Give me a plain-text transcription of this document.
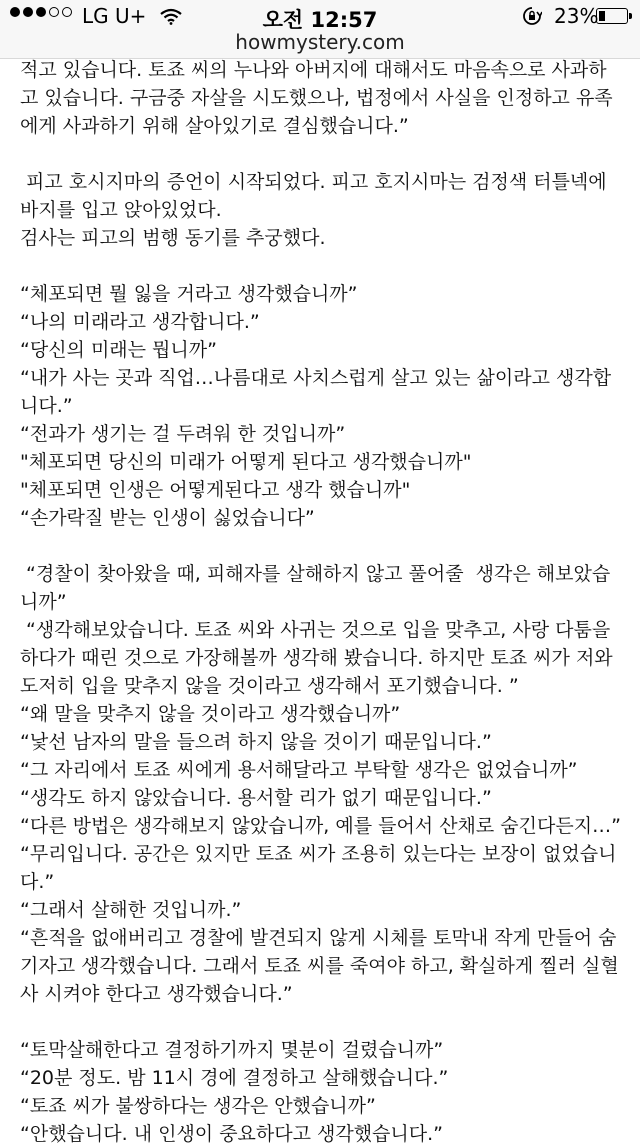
LG U+	오전 12:57	23%
howmystery.com

적고 있습니다. 토죠 씨의 누나와 아버지에 대해서도 마음속으로 사과하

고 있습니다. 구금중 자살을 시도했으나, 법정에서 사실을 인정하고 유족

에게 사과하기 위해 살아있기로 결심했습니다.”

피고 호시지마의 증언이 시작되었다. 피고 호지시마는 검정색 터틀넥에

바지를 입고 앉아있었다.

검사는 피고의 범행 동기를 추궁했다.

“체포되면 뭘 잃을 거라고 생각했습니까”

“나의 미래라고 생각합니다.”

“당신의 미래는 뭡니까”

“내가 사는 곳과 직업…나름대로 사치스럽게 살고 있는 삶이라고 생각합

니다.”

“전과가 생기는 걸 두려워 한 것입니까”

"체포되면 당신의 미래가 어떻게 된다고 생각했습니까"

"체포되면 인생은 어떻게된다고 생각 했습니까"

“손가락질 받는 인생이 싫었습니다”

“경찰이 찾아왔을 때, 피해자를 살해하지 않고 풀어줄  생각은 해보았습

니까”

“생각해보았습니다. 토죠 씨와 사귀는 것으로 입을 맞추고, 사랑 다툼을

하다가 때린 것으로 가장해볼까 생각해 봤습니다. 하지만 토죠 씨가 저와

도저히 입을 맞추지 않을 것이라고 생각해서 포기했습니다. ”

“왜 말을 맞추지 않을 것이라고 생각했습니까”

“낯선 남자의 말을 들으려 하지 않을 것이기 때문입니다.”

“그 자리에서 토죠 씨에게 용서해달라고 부탁할 생각은 없었습니까”

“생각도 하지 않았습니다. 용서할 리가 없기 때문입니다.”

“다른 방법은 생각해보지 않았습니까, 예를 들어서 산채로 숨긴다든지…”

“무리입니다. 공간은 있지만 토죠 씨가 조용히 있는다는 보장이 없었습니

다.”

“그래서 살해한 것입니까.”

“흔적을 없애버리고 경찰에 발견되지 않게 시체를 토막내 작게 만들어 숨

기자고 생각했습니다. 그래서 토죠 씨를 죽여야 하고, 확실하게 찔러 실혈

사 시켜야 한다고 생각했습니다.”

“토막살해한다고 결정하기까지 몇분이 걸렸습니까”

“20분 정도. 밤 11시 경에 결정하고 살해했습니다.”

“토죠 씨가 불쌍하다는 생각은 안했습니까”

“안했습니다. 내 인생이 중요하다고 생각했습니다.”
